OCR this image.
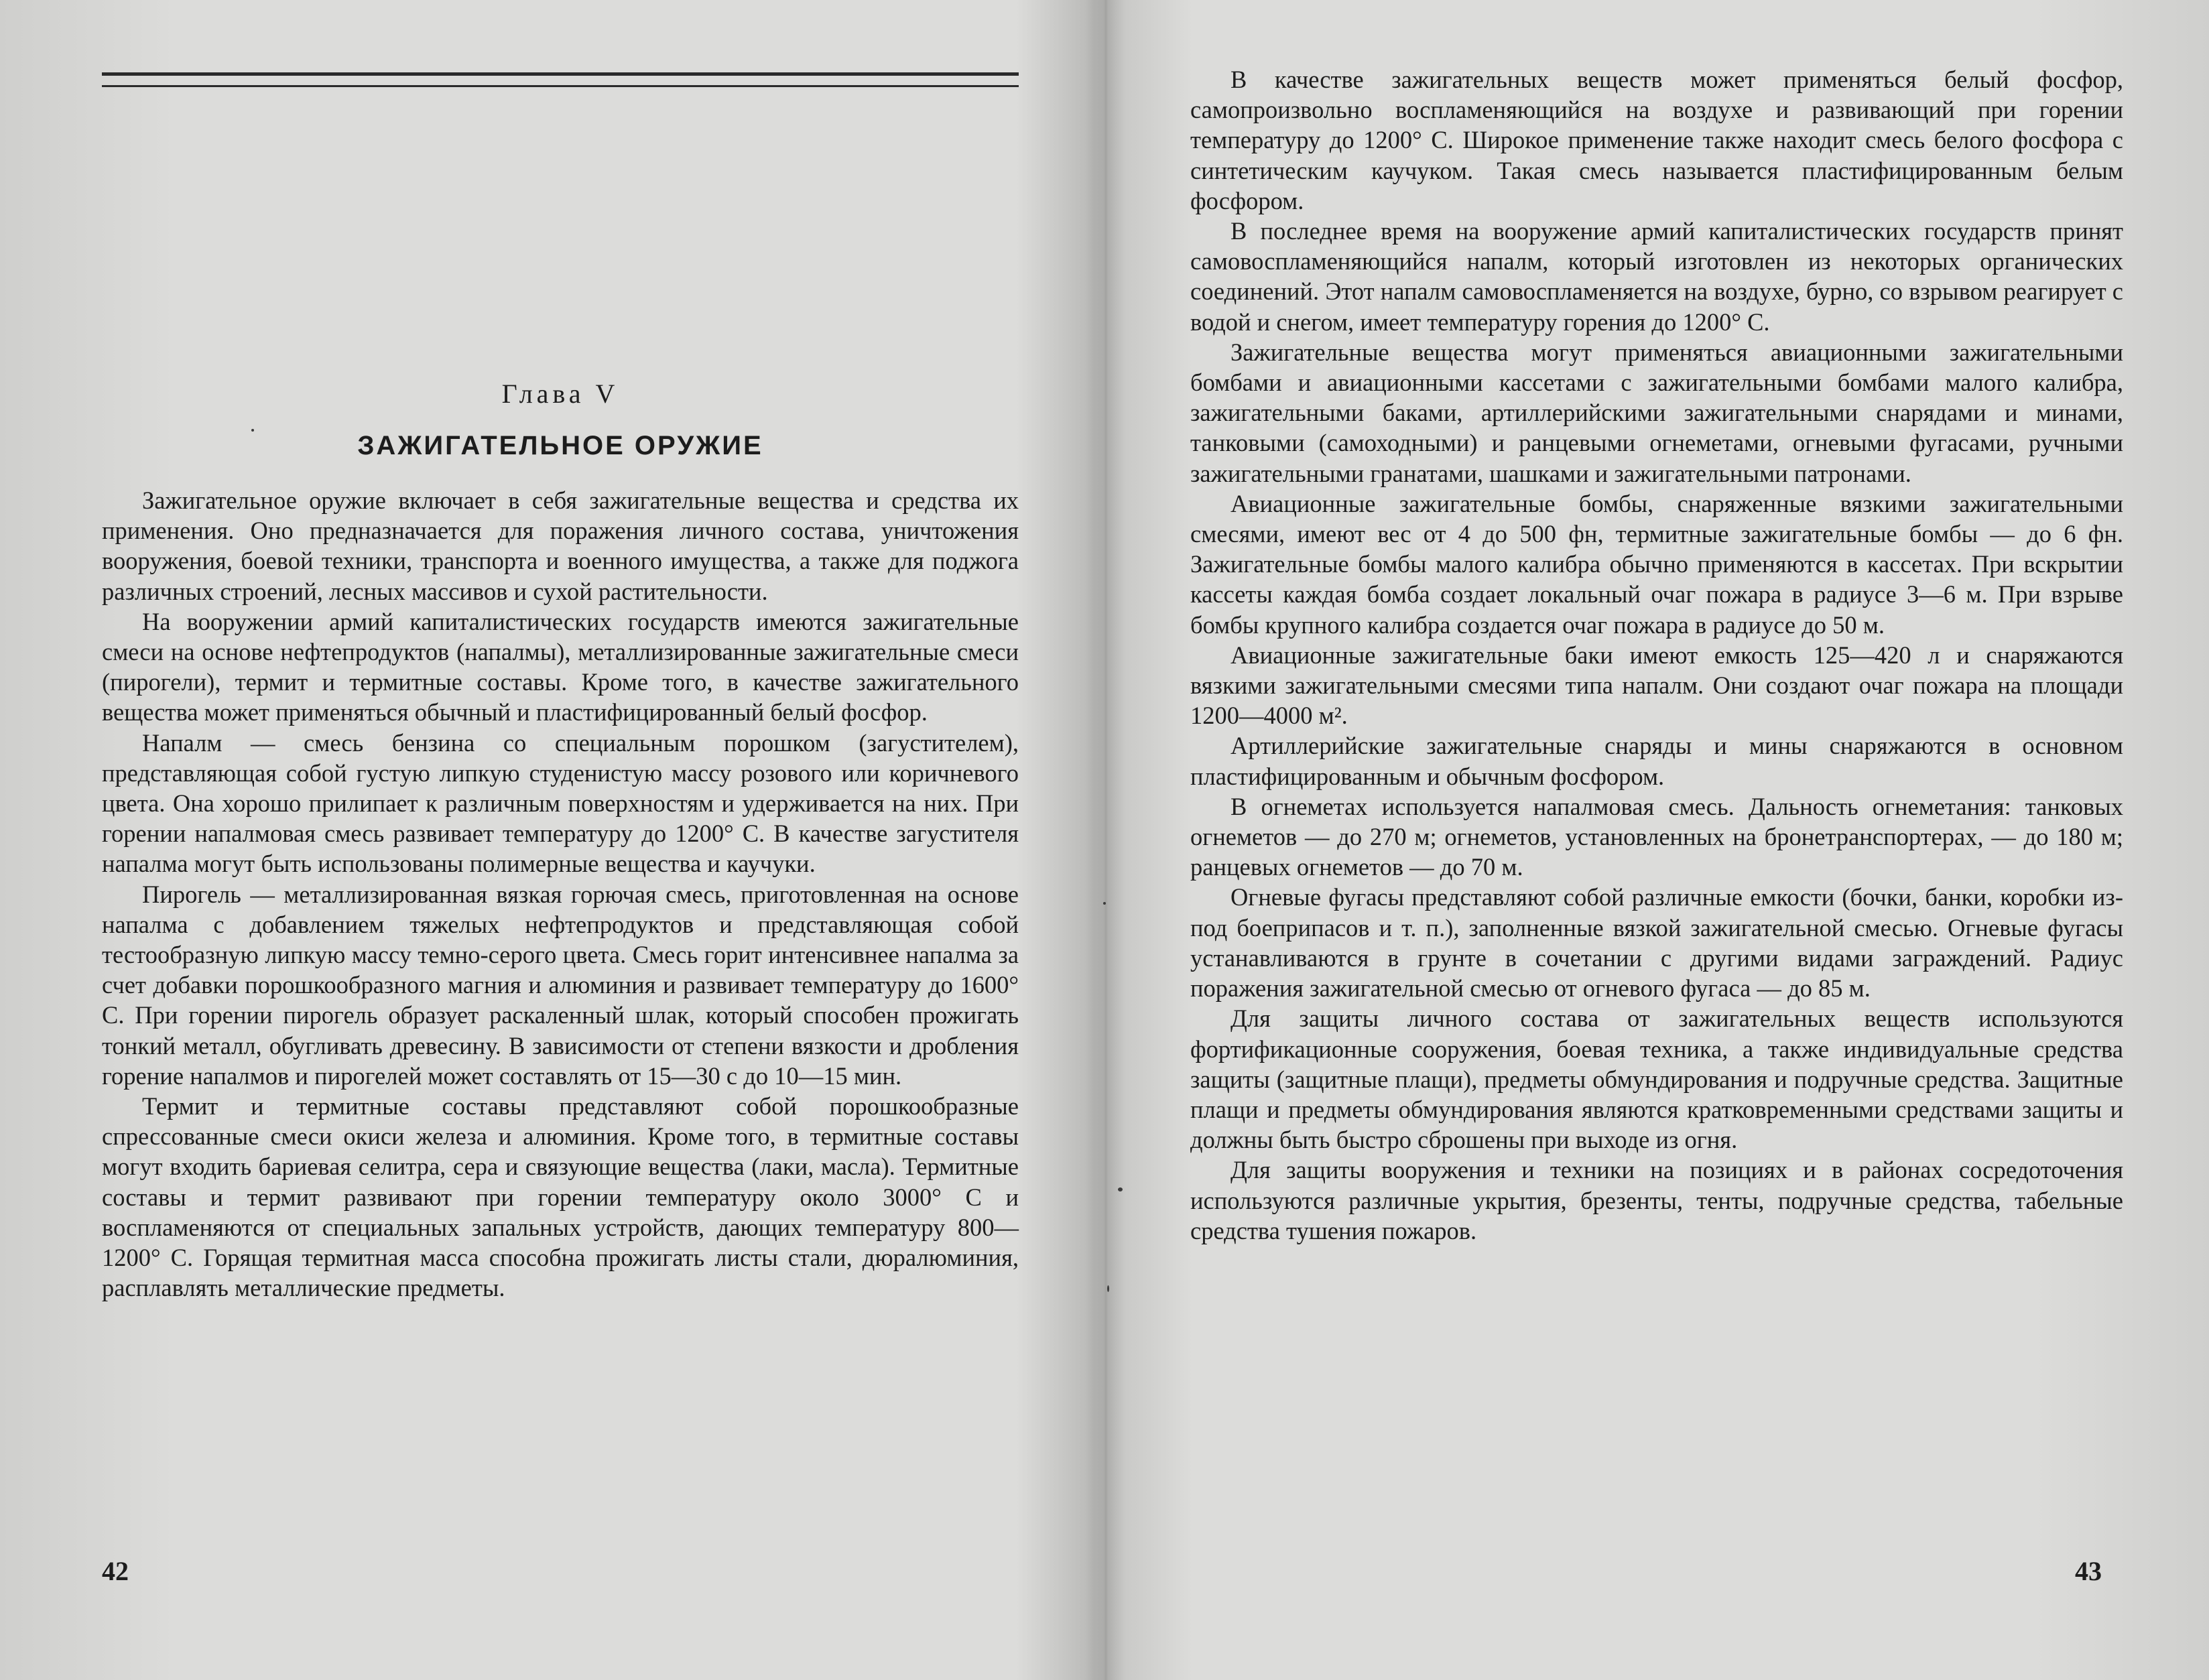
Глава V
ЗАЖИГАТЕЛЬНОЕ ОРУЖИЕ

Зажигательное оружие включает в себя зажигательные вещества и средства их применения. Оно предназначается для поражения личного состава, уничтожения вооружения, боевой техники, транспорта и военного имущества, а также для поджога различных строений, лесных массивов и сухой растительности.

На вооружении армий капиталистических государств имеются зажигательные смеси на основе нефтепродуктов (напалмы), металлизированные зажигательные смеси (пирогели), термит и термитные составы. Кроме того, в качестве зажигательного вещества может применяться обычный и пластифицированный белый фосфор.

Напалм — смесь бензина со специальным порошком (загустителем), представляющая собой густую липкую студенистую массу розового или коричневого цвета. Она хорошо прилипает к различным поверхностям и удерживается на них. При горении напалмовая смесь развивает температуру до 1200° С. В качестве загустителя напалма могут быть использованы полимерные вещества и каучуки.

Пирогель — металлизированная вязкая горючая смесь, приготовленная на основе напалма с добавлением тяжелых нефтепродуктов и представляющая собой тестообразную липкую массу темно-серого цвета. Смесь горит интенсивнее напалма за счет добавки порошкообразного магния и алюминия и развивает температуру до 1600° С. При горении пирогель образует раскаленный шлак, который способен прожигать тонкий металл, обугливать древесину. В зависимости от степени вязкости и дробления горение напалмов и пирогелей может составлять от 15—30 с до 10—15 мин.

Термит и термитные составы представляют собой порошкообразные спрессованные смеси окиси железа и алюминия. Кроме того, в термитные составы могут входить бариевая селитра, сера и связующие вещества (лаки, масла). Термитные составы и термит развивают при горении температуру около 3000° С и воспламеняются от специальных запальных устройств, дающих температуру 800—1200° С. Горящая термитная масса способна прожигать листы стали, дюралюминия, расплавлять металлические предметы.

42

В качестве зажигательных веществ может применяться белый фосфор, самопроизвольно воспламеняющийся на воздухе и развивающий при горении температуру до 1200° С. Широкое применение также находит смесь белого фосфора с синтетическим каучуком. Такая смесь называется пластифицированным белым фосфором.

В последнее время на вооружение армий капиталистических государств принят самовоспламеняющийся напалм, который изготовлен из некоторых органических соединений. Этот напалм самовоспламеняется на воздухе, бурно, со взрывом реагирует с водой и снегом, имеет температуру горения до 1200° С.

Зажигательные вещества могут применяться авиационными зажигательными бомбами и авиационными кассетами с зажигательными бомбами малого калибра, зажигательными баками, артиллерийскими зажигательными снарядами и минами, танковыми (самоходными) и ранцевыми огнеметами, огневыми фугасами, ручными зажигательными гранатами, шашками и зажигательными патронами.

Авиационные зажигательные бомбы, снаряженные вязкими зажигательными смесями, имеют вес от 4 до 500 фн, термитные зажигательные бомбы — до 6 фн. Зажигательные бомбы малого калибра обычно применяются в кассетах. При вскрытии кассеты каждая бомба создает локальный очаг пожара в радиусе 3—6 м. При взрыве бомбы крупного калибра создается очаг пожара в радиусе до 50 м.

Авиационные зажигательные баки имеют емкость 125—420 л и снаряжаются вязкими зажигательными смесями типа напалм. Они создают очаг пожара на площади 1200—4000 м².

Артиллерийские зажигательные снаряды и мины снаряжаются в основном пластифицированным и обычным фосфором.

В огнеметах используется напалмовая смесь. Дальность огнеметания: танковых огнеметов — до 270 м; огнеметов, установленных на бронетранспортерах, — до 180 м; ранцевых огнеметов — до 70 м.

Огневые фугасы представляют собой различные емкости (бочки, банки, коробки из-под боеприпасов и т. п.), заполненные вязкой зажигательной смесью. Огневые фугасы устанавливаются в грунте в сочетании с другими видами заграждений. Радиус поражения зажигательной смесью от огневого фугаса — до 85 м.

Для защиты личного состава от зажигательных веществ используются фортификационные сооружения, боевая техника, а также индивидуальные средства защиты (защитные плащи), предметы обмундирования и подручные средства. Защитные плащи и предметы обмундирования являются кратковременными средствами защиты и должны быть быстро сброшены при выходе из огня.

Для защиты вооружения и техники на позициях и в районах сосредоточения используются различные укрытия, брезенты, тенты, подручные средства, табельные средства тушения пожаров.

43
